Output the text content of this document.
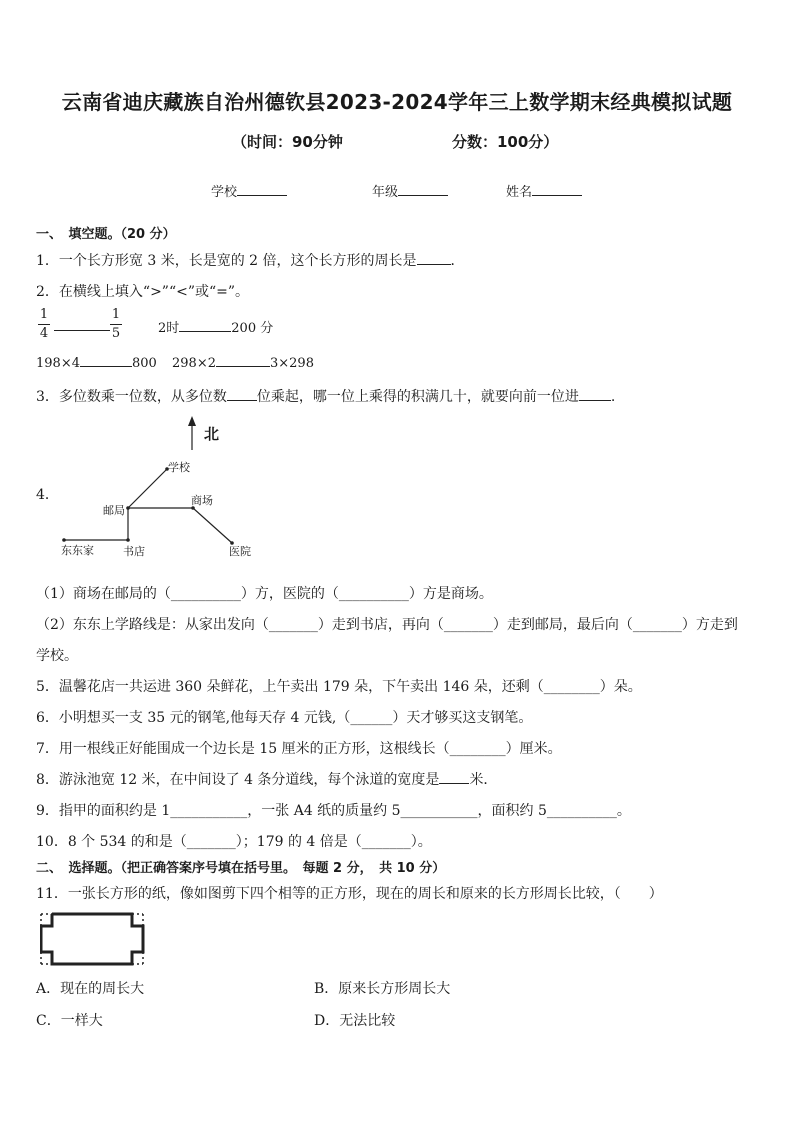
云南省迪庆藏族自治州德钦县2023-2024学年三上数学期末经典模拟试题
（时间：90分钟	分数：100分）
学校	年级	姓名
一、　填空题。（20 分）
1．一个长方形宽 3 米，长是宽的 2 倍，这个长方形的周长是 ．
2．在横线上填入“>”“<”或“=”。
1
4
1
5	2时	200 分
198×4	800 298×2	3×298
3．多位数乘一位数，从多位数 位乘起，哪一位上乘得的积满几十，就要向前一位进 .
4．
北
学校
邮局
商场
东东家	书店	医院
（1）商场在邮局的（__________）方，医院的（__________）方是商场。
（2）东东上学路线是：从家出发向（_______）走到书店，再向（_______）走到邮局，最后向（_______）方走到
学校。
5．温馨花店一共运进 360 朵鲜花，上午卖出 179 朵，下午卖出 146 朵，还剩（________）朵。
6．小明想买一支 35 元的钢笔,他每天存 4 元钱,（______）天才够买这支钢笔。
7．用一根线正好能围成一个边长是 15 厘米的正方形，这根线长（________）厘米。
8．游泳池宽 12 米，在中间设了 4 条分道线，每个泳道的宽度是 米．
9．指甲的面积约是 1___________，一张 A4 纸的质量约 5___________，面积约 5__________。
10．8 个 534 的和是（_______）；179 的 4 倍是（_______）。
二、　选择题。（把正确答案序号填在括号里。　每题 2 分，　共 10 分）
11．一张长方形的纸，像如图剪下四个相等的正方形，现在的周长和原来的长方形周长比较，（　　）
A．现在的周长大	B．原来长方形周长大
C．一样大	D．无法比较
